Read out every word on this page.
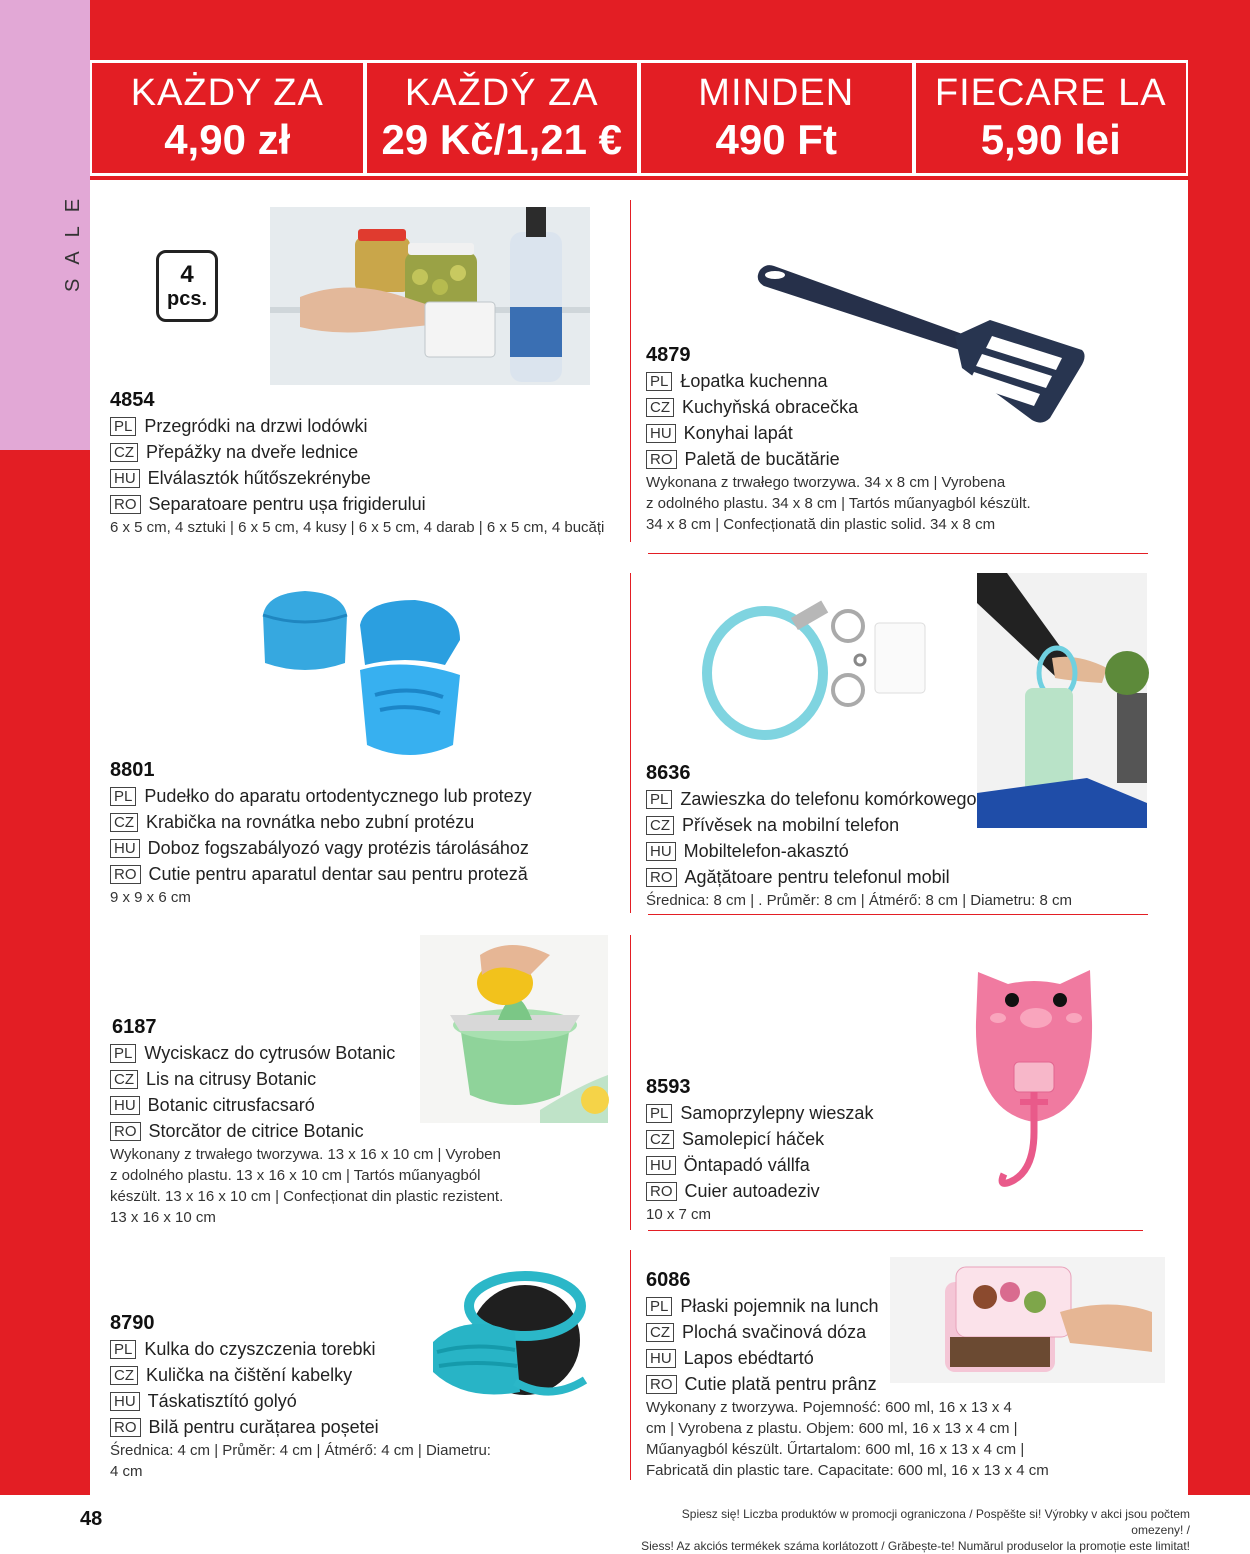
SALE
KAŻDY ZA
4,90 zł
KAŽDÝ ZA
29 Kč/1,21 €
MINDEN
490 Ft
FIECARE LA
5,90 lei
4
pcs.
4854
PL Przegródki na drzwi lodówki
CZ Přepážky na dveře lednice
HU Elválasztók hűtőszekrénybe
RO Separatoare pentru ușa frigiderului
6 x 5 cm, 4 sztuki | 6 x 5 cm, 4 kusy | 6 x 5 cm, 4 darab | 6 x 5 cm, 4 bucăți
4879
PL Łopatka kuchenna
CZ Kuchyňská obracečka
HU Konyhai lapát
RO Paletă de bucătărie
Wykonana z trwałego tworzywa. 34 x 8 cm | Vyrobena
z odolného plastu. 34 x 8 cm | Tartós műanyagból készült.
34 x 8 cm | Confecționată din plastic solid. 34 x 8 cm
8801
PL Pudełko do aparatu ortodentycznego lub protezy
CZ Krabička na rovnátka nebo zubní protézu
HU Doboz fogszabályozó vagy protézis tárolásához
RO Cutie pentru aparatul dentar sau pentru proteză
9 x 9 x 6 cm
8636
PL Zawieszka do telefonu komórkowego
CZ Přívěsek na mobilní telefon
HU Mobiltelefon-akasztó
RO Agățătoare pentru telefonul mobil
Średnica: 8 cm | . Průměr: 8 cm | Átmérő: 8 cm | Diametru: 8 cm
6187
PL Wyciskacz do cytrusów Botanic
CZ Lis na citrusy Botanic
HU Botanic citrusfacsaró
RO Storcător de citrice Botanic
Wykonany z trwałego tworzywa. 13 x 16 x 10 cm | Vyroben
z odolného plastu. 13 x 16 x 10 cm | Tartós műanyagból
készült. 13 x 16 x 10 cm | Confecționat din plastic rezistent.
13 x 16 x 10 cm
8593
PL Samoprzylepny wieszak
CZ Samolepicí háček
HU Öntapadó vállfa
RO Cuier autoadeziv
10 x 7 cm
8790
PL Kulka do czyszczenia torebki
CZ Kulička na čištění kabelky
HU Táskatisztító golyó
RO Bilă pentru curățarea poșetei
Średnica: 4 cm | Průměr: 4 cm | Átmérő: 4 cm | Diametru:
4 cm
6086
PL Płaski pojemnik na lunch
CZ Plochá svačinová dóza
HU Lapos ebédtartó
RO Cutie plată pentru prânz
Wykonany z tworzywa. Pojemność: 600 ml, 16 x 13 x 4
cm | Vyrobena z plastu. Objem: 600 ml, 16 x 13 x 4 cm |
Műanyagból készült. Űrtartalom: 600 ml, 16 x 13 x 4 cm |
Fabricată din plastic tare. Capacitate: 600 ml, 16 x 13 x 4 cm
48	Spiesz się! Liczba produktów w promocji ograniczona / Pospěšte si! Výrobky v akci jsou počtem omezeny! /
Siess! Az akciós termékek száma korlátozott / Grăbește-te! Numărul produselor la promoție este limitat!
